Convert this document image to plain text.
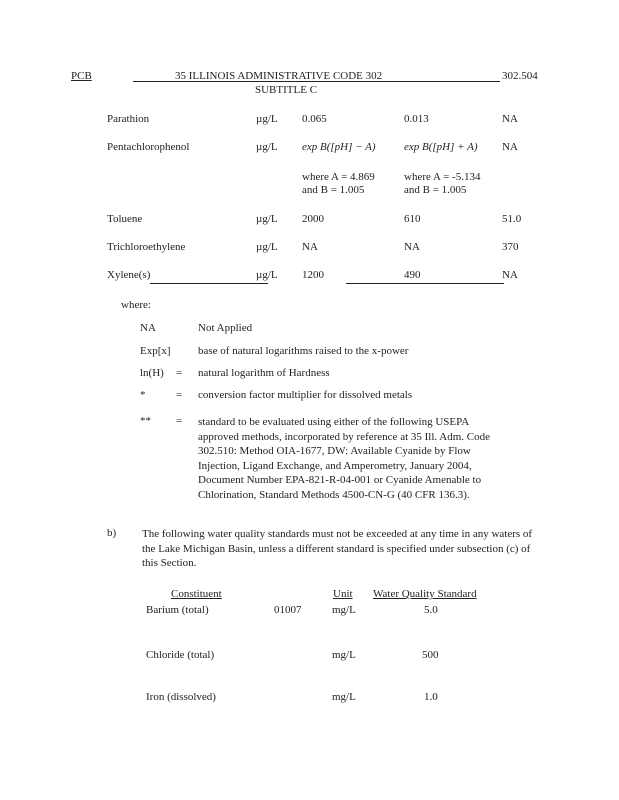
PCB	35 ILLINOIS ADMINISTRATIVE CODE 302
SUBTITLE C
302.504
Parathion	µg/L 0.065	0.013	NA
Pentachlorophenol	µg/L exp B([pH] − A)	exp B([pH] + A) NA
where A = 4.869
and B = 1.005
where A = -5.134
and B = 1.005
Toluene	µg/L 2000	610	51.0
Trichloroethylene	µg/L NA	NA	370
Xylene(s)	µg/L 1200	490	NA
where:
NA	Not Applied
Exp[x] base of natural logarithms raised to the x-power
ln(H) = natural logarithm of Hardness
*	= conversion factor multiplier for dissolved metals
** = standard to be evaluated using either of the following USEPA approved methods, incorporated by reference at 35 Ill. Adm. Code 302.510: Method OIA-1677, DW: Available Cyanide by Flow Injection, Ligand Exchange, and Amperometry, January 2004, Document Number EPA-821-R-04-001 or Cyanide Amenable to Chlorination, Standard Methods 4500-CN-G (40 CFR 136.3).
b) The following water quality standards must not be exceeded at any time in any waters of the Lake Michigan Basin, unless a different standard is specified under subsection (c) of this Section.
Constituent	Unit Water Quality Standard
Barium (total)	01007	mg/L	5.0
Chloride (total)	mg/L	500
Iron (dissolved)	mg/L	1.0
